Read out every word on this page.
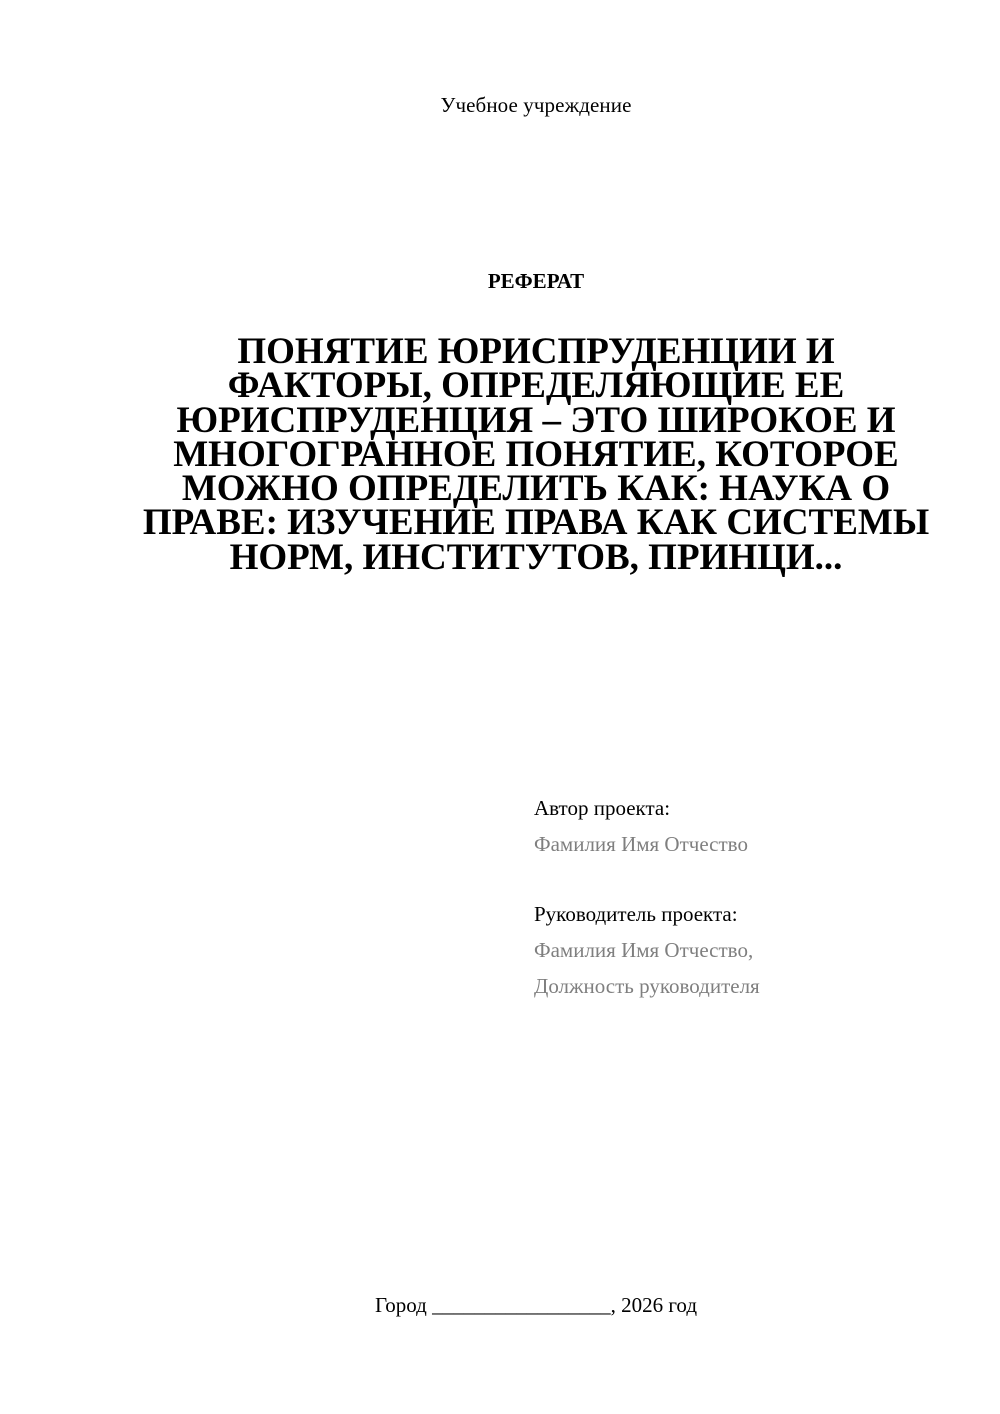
Учебное учреждение
РЕФЕРАТ
ПОНЯТИЕ ЮРИСПРУДЕНЦИИ И ФАКТОРЫ, ОПРЕДЕЛЯЮЩИЕ ЕЕ ЮРИСПРУДЕНЦИЯ – ЭТО ШИРОКОЕ И МНОГОГРАННОЕ ПОНЯТИЕ, КОТОРОЕ МОЖНО ОПРЕДЕЛИТЬ КАК: НАУКА О ПРАВЕ: ИЗУЧЕНИЕ ПРАВА КАК СИСТЕМЫ НОРМ, ИНСТИТУТОВ, ПРИНЦИ...
Автор проекта:
Фамилия Имя Отчество
Руководитель проекта:
Фамилия Имя Отчество,
Должность руководителя
Город _________________, 2026 год
